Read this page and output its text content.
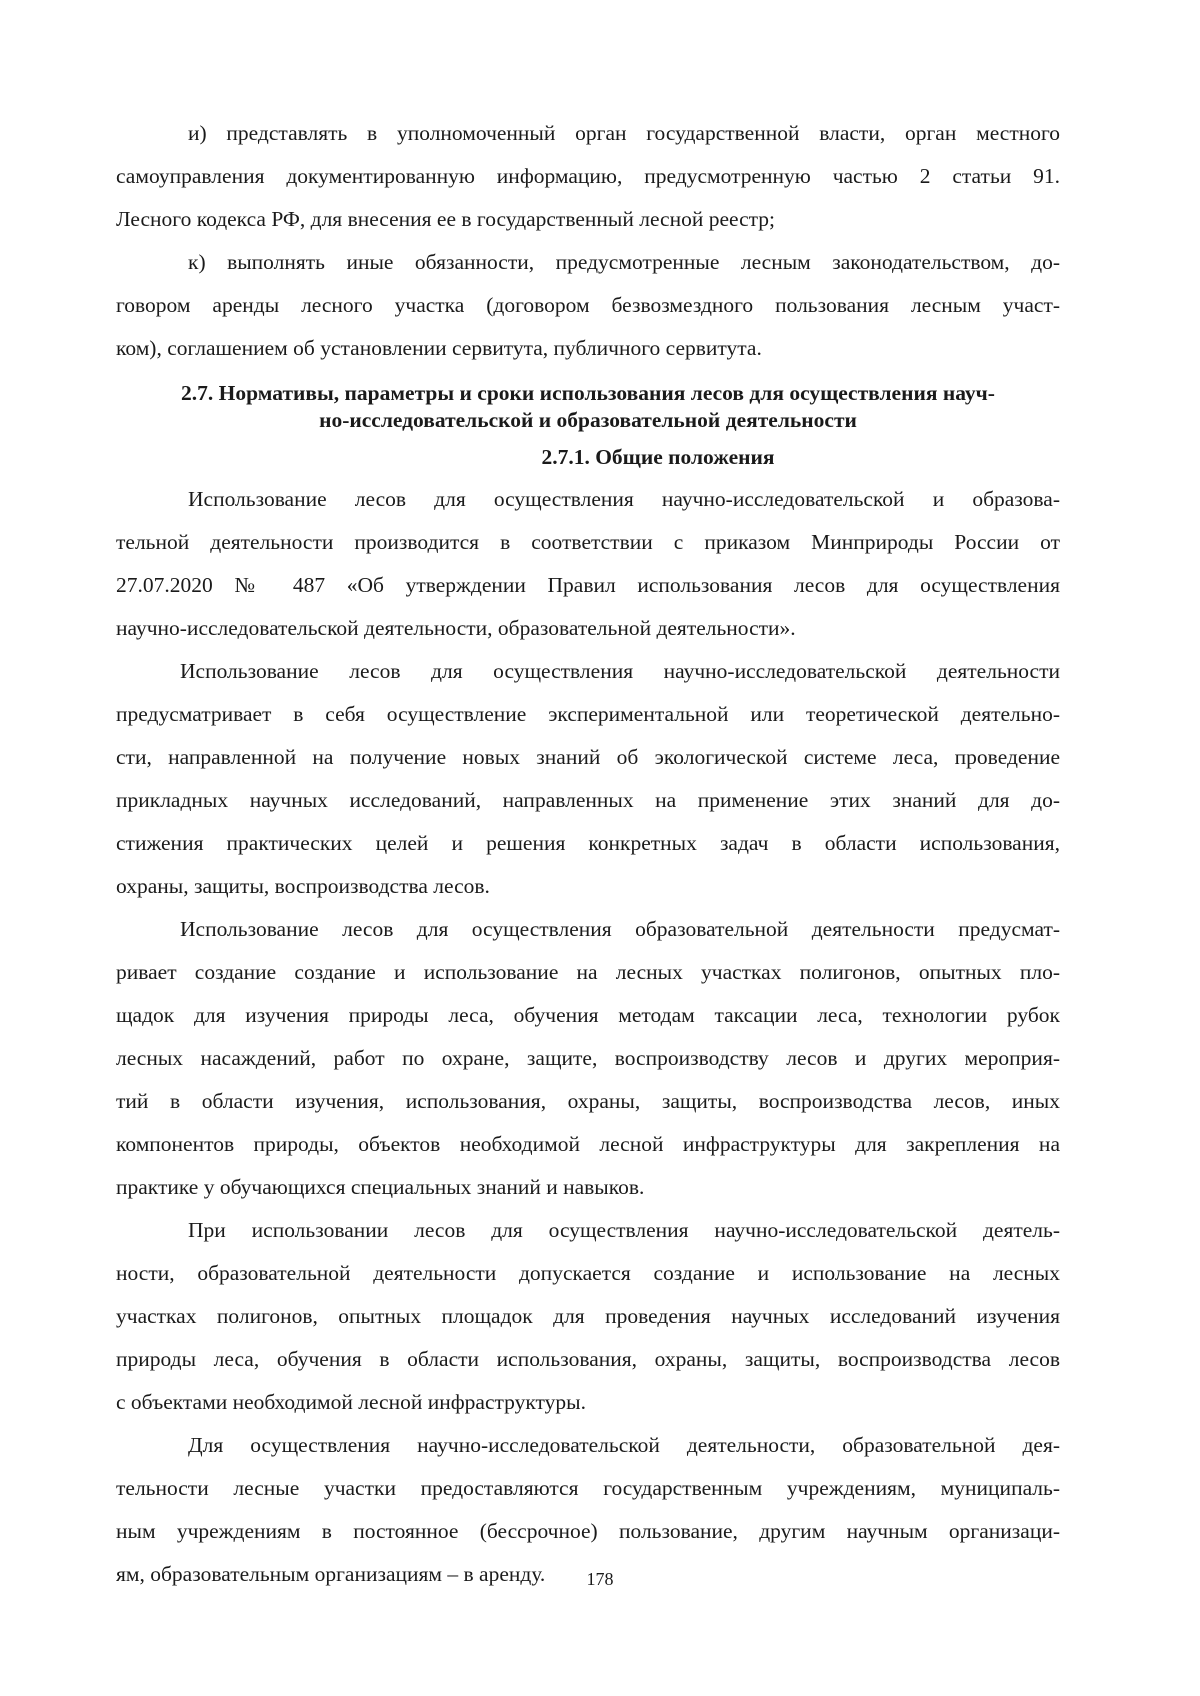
и) представлять в уполномоченный орган государственной власти, орган местного
самоуправления документированную информацию, предусмотренную частью 2 статьи 91.
Лесного кодекса РФ, для внесения ее в государственный лесной реестр;
к) выполнять иные обязанности, предусмотренные лесным законодательством, до-
говором аренды лесного участка (договором безвозмездного пользования лесным участ-
ком), соглашением об установлении сервитута, публичного сервитута.
2.7. Нормативы, параметры и сроки использования лесов для осуществления науч-
но-исследовательской и образовательной деятельности
2.7.1. Общие положения
Использование лесов для осуществления научно-исследовательской и образова-
тельной деятельности производится в соответствии с приказом Минприроды России от
27.07.2020 № 487 «Об утверждении Правил использования лесов для осуществления
научно-исследовательской деятельности, образовательной деятельности».
Использование лесов для осуществления научно-исследовательской деятельности
предусматривает в себя осуществление экспериментальной или теоретической деятельно-
сти, направленной на получение новых знаний об экологической системе леса, проведение
прикладных научных исследований, направленных на применение этих знаний для до-
стижения практических целей и решения конкретных задач в области использования,
охраны, защиты, воспроизводства лесов.
Использование лесов для осуществления образовательной деятельности предусмат-
ривает создание создание и использование на лесных участках полигонов, опытных пло-
щадок для изучения природы леса, обучения методам таксации леса, технологии рубок
лесных насаждений, работ по охране, защите, воспроизводству лесов и других мероприя-
тий в области изучения, использования, охраны, защиты, воспроизводства лесов, иных
компонентов природы, объектов необходимой лесной инфраструктуры для закрепления на
практике у обучающихся специальных знаний и навыков.
При использовании лесов для осуществления научно-исследовательской деятель-
ности, образовательной деятельности допускается создание и использование на лесных
участках полигонов, опытных площадок для проведения научных исследований изучения
природы леса, обучения в области использования, охраны, защиты, воспроизводства лесов
с объектами необходимой лесной инфраструктуры.
Для осуществления научно-исследовательской деятельности, образовательной дея-
тельности лесные участки предоставляются государственным учреждениям, муниципаль-
ным учреждениям в постоянное (бессрочное) пользование, другим научным организаци-
ям, образовательным организациям – в аренду.	178
